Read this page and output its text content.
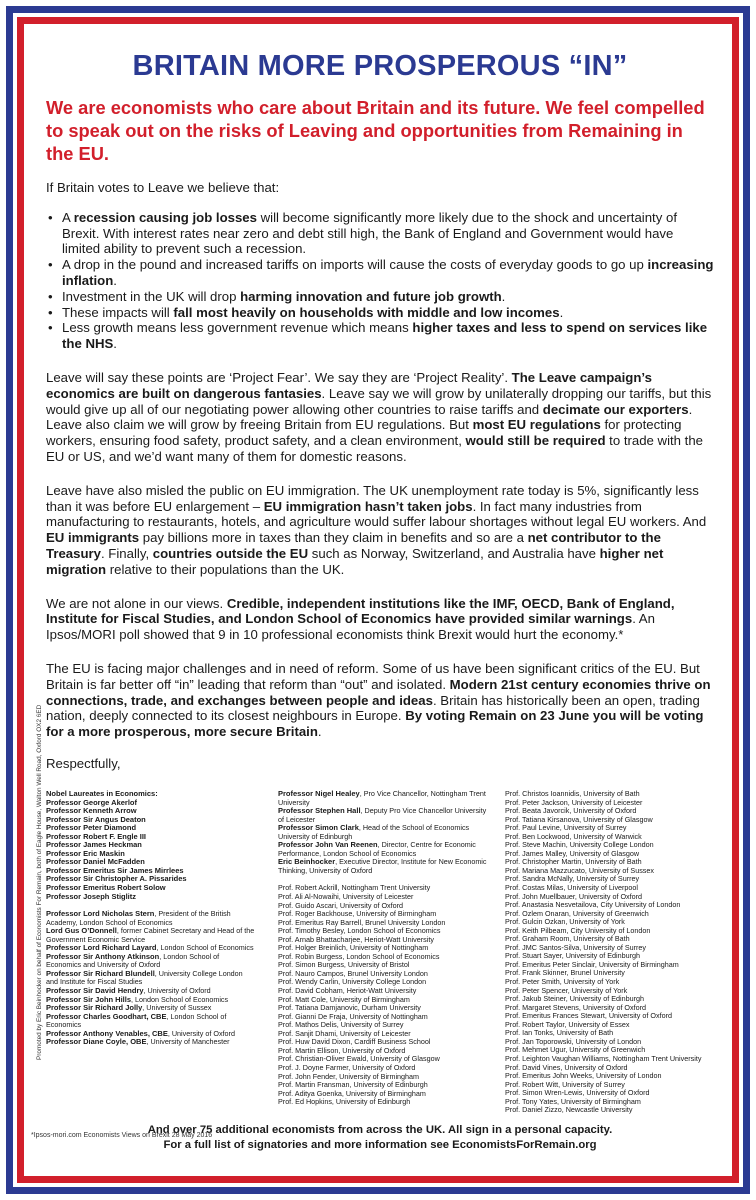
BRITAIN MORE PROSPEROUS “IN”

We are economists who care about Britain and its future. We feel compelled to speak out on the risks of Leaving and opportunities from Remaining in the EU.

If Britain votes to Leave we believe that:

• A recession causing job losses will become significantly more likely due to the shock and uncertainty of Brexit. With interest rates near zero and debt still high, the Bank of England and Government would have limited ability to prevent such a recession.
• A drop in the pound and increased tariffs on imports will cause the costs of everyday goods to go up increasing inflation.
• Investment in the UK will drop harming innovation and future job growth.
• These impacts will fall most heavily on households with middle and low incomes.
• Less growth means less government revenue which means higher taxes and less to spend on services like the NHS.

Leave will say these points are ‘Project Fear’. We say they are ‘Project Reality’. The Leave campaign’s economics are built on dangerous fantasies. Leave say we will grow by unilaterally dropping our tariffs, but this would give up all of our negotiating power allowing other countries to raise tariffs and decimate our exporters. Leave also claim we will grow by freeing Britain from EU regulations. But most EU regulations for protecting workers, ensuring food safety, product safety, and a clean environment, would still be required to trade with the EU or US, and we’d want many of them for domestic reasons.

Leave have also misled the public on EU immigration. The UK unemployment rate today is 5%, significantly less than it was before EU enlargement – EU immigration hasn’t taken jobs. In fact many industries from manufacturing to restaurants, hotels, and agriculture would suffer labour shortages without legal EU workers. And EU immigrants pay billions more in taxes than they claim in benefits and so are a net contributor to the Treasury. Finally, countries outside the EU such as Norway, Switzerland, and Australia have higher net migration relative to their populations than the UK.

We are not alone in our views. Credible, independent institutions like the IMF, OECD, Bank of England, Institute for Fiscal Studies, and London School of Economics have provided similar warnings. An Ipsos/MORI poll showed that 9 in 10 professional economists think Brexit would hurt the economy.*

The EU is facing major challenges and in need of reform. Some of us have been significant critics of the EU. But Britain is far better off “in” leading that reform than “out” and isolated. Modern 21st century economies thrive on connections, trade, and exchanges between people and ideas. Britain has historically been an open, trading nation, deeply connected to its closest neighbours in Europe. By voting Remain on 23 June you will be voting for a more prosperous, more secure Britain.

Respectfully,

Nobel Laureates in Economics:
Professor George Akerlof
Professor Kenneth Arrow
Professor Sir Angus Deaton
Professor Peter Diamond
Professor Robert F. Engle III
Professor James Heckman
Professor Eric Maskin
Professor Daniel McFadden
Professor Emeritus Sir James Mirrlees
Professor Sir Christopher A. Pissarides
Professor Emeritus Robert Solow
Professor Joseph Stiglitz
Professor Lord Nicholas Stern, President of the British Academy, London School of Economics
Lord Gus O’Donnell, former Cabinet Secretary and Head of the Government Economic Service
Professor Lord Richard Layard, London School of Economics
Professor Sir Anthony Atkinson, London School of Economics and University of Oxford
Professor Sir Richard Blundell, University College London and Institute for Fiscal Studies
Professor Sir David Hendry, University of Oxford
Professor Sir John Hills, London School of Economics
Professor Sir Richard Jolly, University of Sussex
Professor Charles Goodhart, CBE, London School of Economics
Professor Anthony Venables, CBE, University of Oxford
Professor Diane Coyle, OBE, University of Manchester
Professor Nigel Healey, Pro Vice Chancellor, Nottingham Trent University
Professor Stephen Hall, Deputy Pro Vice Chancellor University of Leicester
Professor Simon Clark, Head of the School of Economics University of Edinburgh
Professor John Van Reenen, Director, Centre for Economic Performance, London School of Economics
Eric Beinhocker, Executive Director, Institute for New Economic Thinking, University of Oxford
Prof. Robert Ackrill, Nottingham Trent University
Prof. Ali Al-Nowaihi, University of Leicester
Prof. Guido Ascari, University of Oxford
Prof. Roger Backhouse, University of Birmingham
Prof. Emeritus Ray Barrell, Brunel University London
Prof. Timothy Besley, London School of Economics
Prof. Arnab Bhattacharjee, Heriot-Watt University
Prof. Holger Breinlich, University of Nottingham
Prof. Robin Burgess, London School of Economics
Prof. Simon Burgess, University of Bristol
Prof. Nauro Campos, Brunel University London
Prof. Wendy Carlin, University College London
Prof. David Cobham, Heriot-Watt University
Prof. Matt Cole, University of Birmingham
Prof. Tatiana Damjanovic, Durham University
Prof. Gianni De Fraja, University of Nottingham
Prof. Mathos Delis, University of Surrey
Prof. Sanjit Dhami, University of Leicester
Prof. Huw David Dixon, Cardiff Business School
Prof. Martin Ellison, University of Oxford
Prof. Christian-Oliver Ewald, University of Glasgow
Prof. J. Doyne Farmer, University of Oxford
Prof. John Fender, University of Birmingham
Prof. Martin Fransman, University of Edinburgh
Prof. Aditya Goenka, University of Birmingham
Prof. Ed Hopkins, University of Edinburgh
Prof. Christos Ioannidis, University of Bath
Prof. Peter Jackson, University of Leicester
Prof. Beata Javorcik, University of Oxford
Prof. Tatiana Kirsanova, University of Glasgow
Prof. Paul Levine, University of Surrey
Prof. Ben Lockwood, University of Warwick
Prof. Steve Machin, University College London
Prof. James Malley, University of Glasgow
Prof. Christopher Martin, University of Bath
Prof. Mariana Mazzucato, University of Sussex
Prof. Sandra McNally, University of Surrey
Prof. Costas Milas, University of Liverpool
Prof. John Muellbauer, University of Oxford
Prof. Anastasia Nesvetailova, City University of London
Prof. Ozlem Onaran, University of Greenwich
Prof. Gulcin Ozkan, University of York
Prof. Keith Pilbeam, City University of London
Prof. Graham Room, University of Bath
Prof. JMC Santos-Silva, University of Surrey
Prof. Stuart Sayer, University of Edinburgh
Prof. Emeritus Peter Sinclair, University of Birmingham
Prof. Frank Skinner, Brunel University
Prof. Peter Smith, University of York
Prof. Peter Spencer, University of York
Prof. Jakub Steiner, University of Edinburgh
Prof. Margaret Stevens, University of Oxford
Prof. Emeritus Frances Stewart, University of Oxford
Prof. Robert Taylor, University of Essex
Prof. Ian Tonks, University of Bath
Prof. Jan Toporowski, University of London
Prof. Mehmet Ugur, University of Greenwich
Prof. Leighton Vaughan Williams, Nottingham Trent University
Prof. David Vines, University of Oxford
Prof. Emeritus John Weeks, University of London
Prof. Robert Witt, University of Surrey
Prof. Simon Wren-Lewis, University of Oxford
Prof. Tony Yates, University of Birmingham
Prof. Daniel Zizzo, Newcastle University
And over 75 additional economists from across the UK. All sign in a personal capacity.
For a full list of signatories and more information see EconomistsForRemain.org
*Ipsos-mori.com Economists Views on Brexit 28 May 2016
Promoted by Eric Beinhocker on behalf of Economists For Remain, both of Eagle House, Walton Well Road, Oxford OX2 6ED
